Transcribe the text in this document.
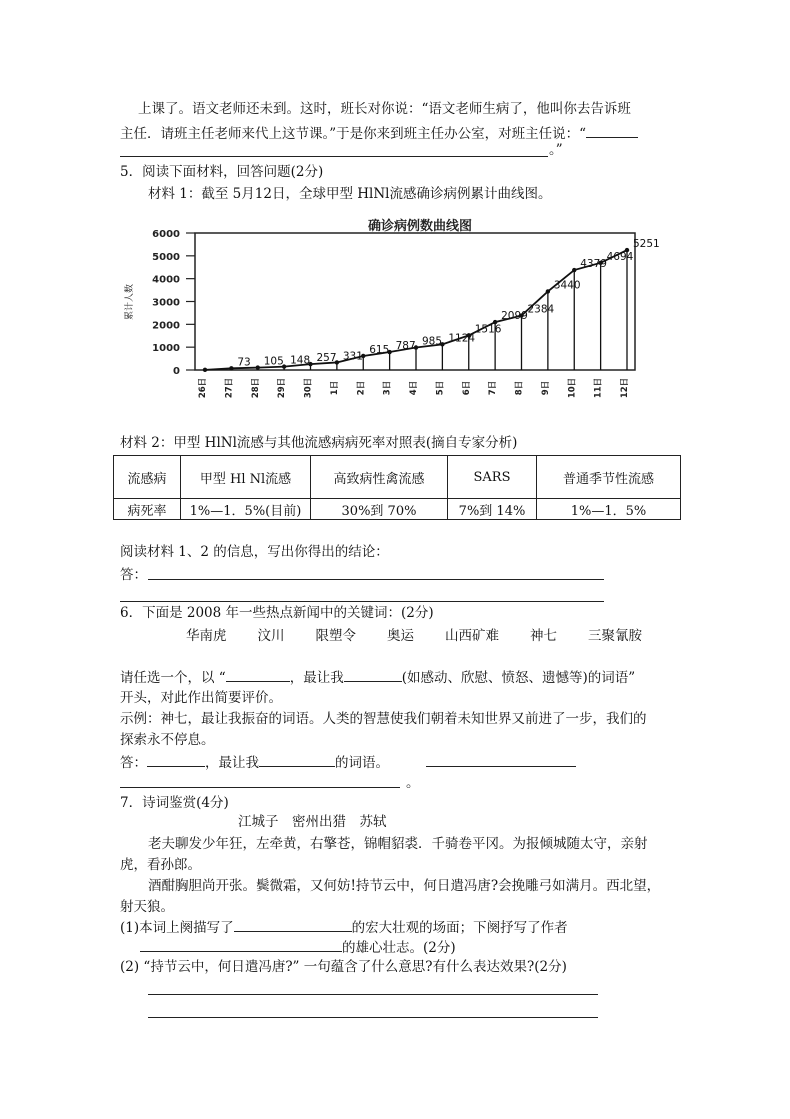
上课了。语文老师还未到。这时，班长对你说：“语文老师生病了，他叫你去告诉班
主任．请班主任老师来代上这节课。”于是你来到班主任办公室，对班主任说：“
。”
5．阅读下面材料，回答问题(2分)
材料 1：截至 5月12日，全球甲型 HlNl流感确诊病例累计曲线图。
确诊病例数曲线图
累计人数
0
1000
2000
3000
4000
5000
6000
73 105 148 257 331
615 787 985 1124
1516
2099
2384
3440
4379
4694
5251
26日 27日 28日 29日 30日 1日 2日 3日 4日 5日 6日 7日 8日 9日 10日 11日 12日
材料 2：甲型 HlNl流感与其他流感病病死率对照表(摘自专家分析)
流感病	甲型 Hl Nl流感	高致病性禽流感	SARS	普通季节性流感
病死率	1%—1．5%(目前)	30%到 70%	7%到 14%	1%—1．5%
阅读材料 1、2 的信息，写出你得出的结论：
答：
6．下面是 2008 年一些热点新闻中的关键词：(2分)
华南虎 汶川 限塑令 奥运 山西矿难 神七 三聚氰胺
请任选一个，以 “	，最让我	(如感动、欣慰、愤怒、遗憾等)的词语”
开头，对此作出简要评价。
示例：神七，最让我振奋的词语。人类的智慧使我们朝着未知世界又前进了一步，我们的
探索永不停息。
答：	，最让我	的词语。
。
7．诗词鉴赏(4分)
江城子　密州出猎　苏轼
老夫聊发少年狂，左牵黄，右擎苍，锦帽貂裘．千骑卷平冈。为报倾城随太守，亲射
虎，看孙郎。
酒酣胸胆尚开张。鬓微霜，又何妨!持节云中，何日遣冯唐?会挽雕弓如满月。西北望，
射天狼。
(1)本词上阕描写了	的宏大壮观的场面；下阕抒写了作者
的雄心壮志。(2分)
(2) “持节云中，何日遣冯唐?” 一句蕴含了什么意思?有什么表达效果?(2分)
